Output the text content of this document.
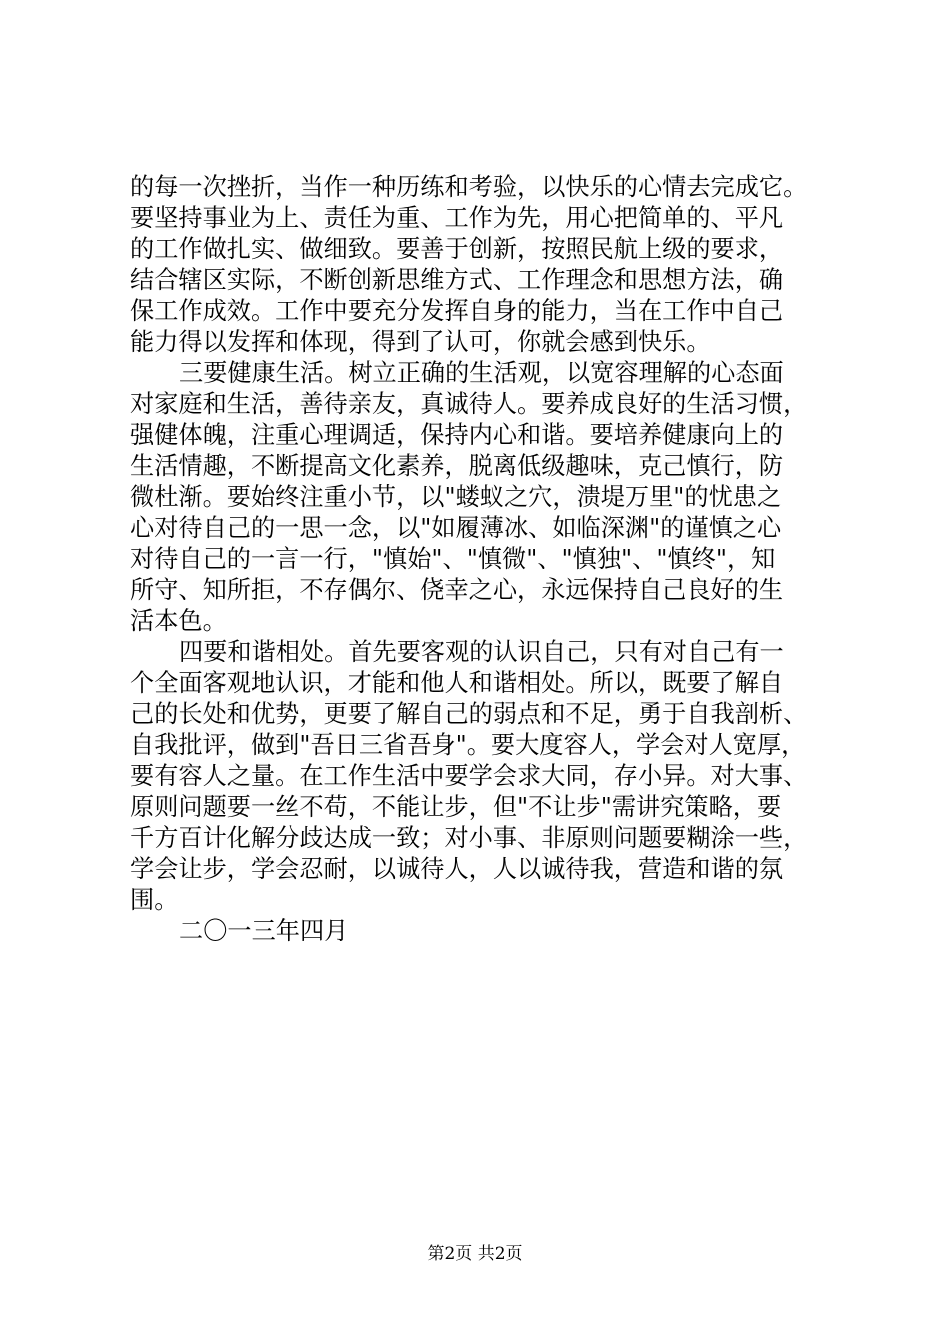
的每一次挫折，当作一种历练和考验，以快乐的心情去完成它。
要坚持事业为上、责任为重、工作为先，用心把简单的、平凡
的工作做扎实、做细致。要善于创新，按照民航上级的要求，
结合辖区实际，不断创新思维方式、工作理念和思想方法，确
保工作成效。工作中要充分发挥自身的能力，当在工作中自己
能力得以发挥和体现，得到了认可，你就会感到快乐。
三要健康生活。树立正确的生活观，以宽容理解的心态面
对家庭和生活，善待亲友，真诚待人。要养成良好的生活习惯，
强健体魄，注重心理调适，保持内心和谐。要培养健康向上的
生活情趣，不断提高文化素养，脱离低级趣味，克己慎行，防
微杜渐。要始终注重小节，以"蝼蚁之穴，溃堤万里"的忧患之
心对待自己的一思一念，以"如履薄冰、如临深渊"的谨慎之心
对待自己的一言一行，"慎始"、"慎微"、"慎独"、"慎终"，知
所守、知所拒，不存偶尔、侥幸之心，永远保持自己良好的生
活本色。
四要和谐相处。首先要客观的认识自己，只有对自己有一
个全面客观地认识，才能和他人和谐相处。所以，既要了解自
己的长处和优势，更要了解自己的弱点和不足，勇于自我剖析、
自我批评，做到"吾日三省吾身"。要大度容人，学会对人宽厚，
要有容人之量。在工作生活中要学会求大同，存小异。对大事、
原则问题要一丝不苟，不能让步，但"不让步"需讲究策略，要
千方百计化解分歧达成一致；对小事、非原则问题要糊涂一些，
学会让步，学会忍耐，以诚待人，人以诚待我，营造和谐的氛
围。
二〇一三年四月
第2页 共2页
